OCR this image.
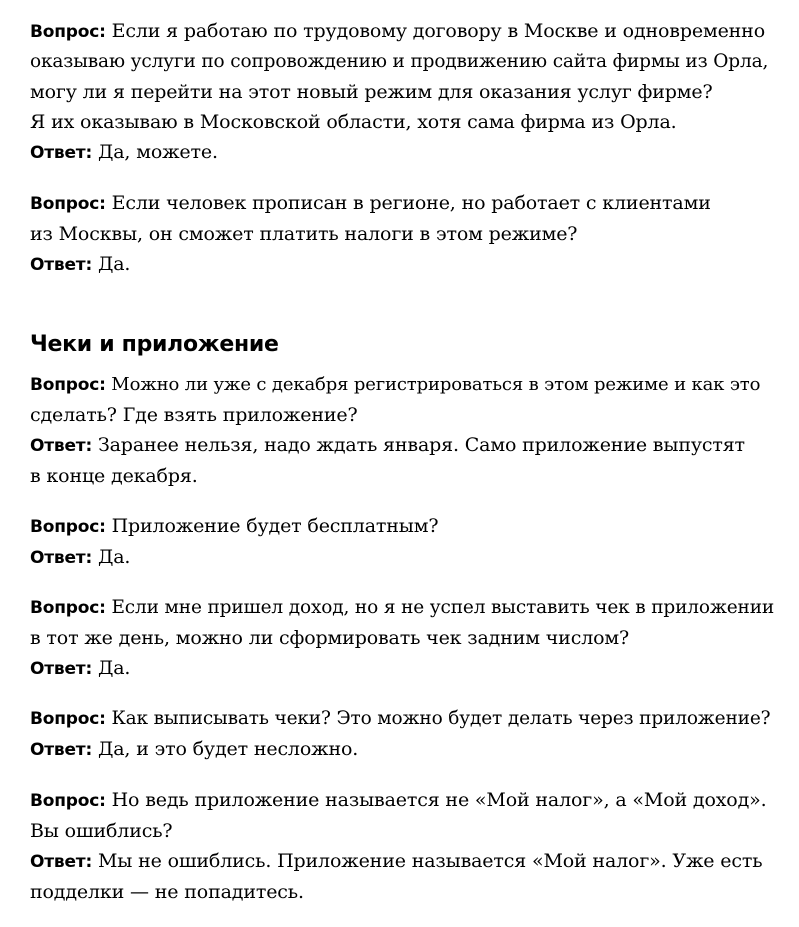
Вопрос: Если я работаю по трудовому договору в Москве и одновременно
оказываю услуги по сопровождению и продвижению сайта фирмы из Орла,
могу ли я перейти на этот новый режим для оказания услуг фирме?
Я их оказываю в Московской области, хотя сама фирма из Орла.
Ответ: Да, можете.
Вопрос: Если человек прописан в регионе, но работает с клиентами
из Москвы, он сможет платить налоги в этом режиме?
Ответ: Да.
Чеки и приложение
Вопрос: Можно ли уже с декабря регистрироваться в этом режиме и как это
сделать? Где взять приложение?
Ответ: Заранее нельзя, надо ждать января. Само приложение выпустят
в конце декабря.
Вопрос: Приложение будет бесплатным?
Ответ: Да.
Вопрос: Если мне пришел доход, но я не успел выставить чек в приложении
в тот же день, можно ли сформировать чек задним числом?
Ответ: Да.
Вопрос: Как выписывать чеки? Это можно будет делать через приложение?
Ответ: Да, и это будет несложно.
Вопрос: Но ведь приложение называется не «Мой налог», а «Мой доход».
Вы ошиблись?
Ответ: Мы не ошиблись. Приложение называется «Мой налог». Уже есть
подделки — не попадитесь.
